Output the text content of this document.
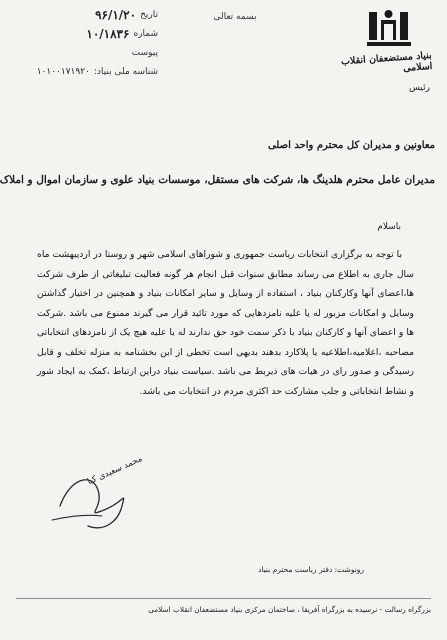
تاریخ
۹۶/۱/۲۰
شماره
۱۰/۱۸۳۶
پیوست
شناسه ملی بنیاد:
۱۰۱۰۰۱۷۱۹۲۰
بسمه تعالی
بنیاد مستضعفان انقلاب اسلامی
رئیس
معاونین و مدیران کل محترم واحد اصلی
مدیران عامل محترم هلدینگ ها، شرکت های مستقل، موسسات بنیاد علوی و سازمان اموال و املاک
باسلام

با توجه به برگزاری انتخابات ریاست جمهوری و شوراهای اسلامی شهر و روستا در اردیبهشت ماه سال جاری به اطلاع می رساند مطابق سنوات قبل انجام هر گونه فعالیت تبلیغاتی از طرف شرکت ها،اعضای آنها وکارکنان بنیاد ، استفاده از وسایل و سایر امکانات بنیاد و همچنین در اختیار گذاشتن وسایل و امکانات مزبور له یا علیه نامزدهایی که مورد تائید قرار می گیرند ممنوع می باشد .شرکت ها و اعضای آنها و کارکنان بنیاد با ذکر سمت خود حق ندارند له یا علیه هیچ یک از نامزدهای انتخاباتی مصاحبه ،اعلامیه،اطلاعیه یا پلاکارد بدهند بدیهی است تخطی از این بخشنامه به منزله تخلف و قابل رسیدگی و صدور رای در هیات های ذیربط می باشد .سیاست بنیاد دراین ارتباط ،کمک به ایجاد شور و نشاط انتخاباتی و جلب مشارکت حد اکثری مردم در انتخابات می باشد.

محمد سعیدی کیا
رونوشت: دفتر ریاست محترم بنیاد
بزرگراه رسالت - نرسیده به بزرگراه آفریقا ، ساختمان مرکزی بنیاد مستضعفان انقلاب اسلامی
